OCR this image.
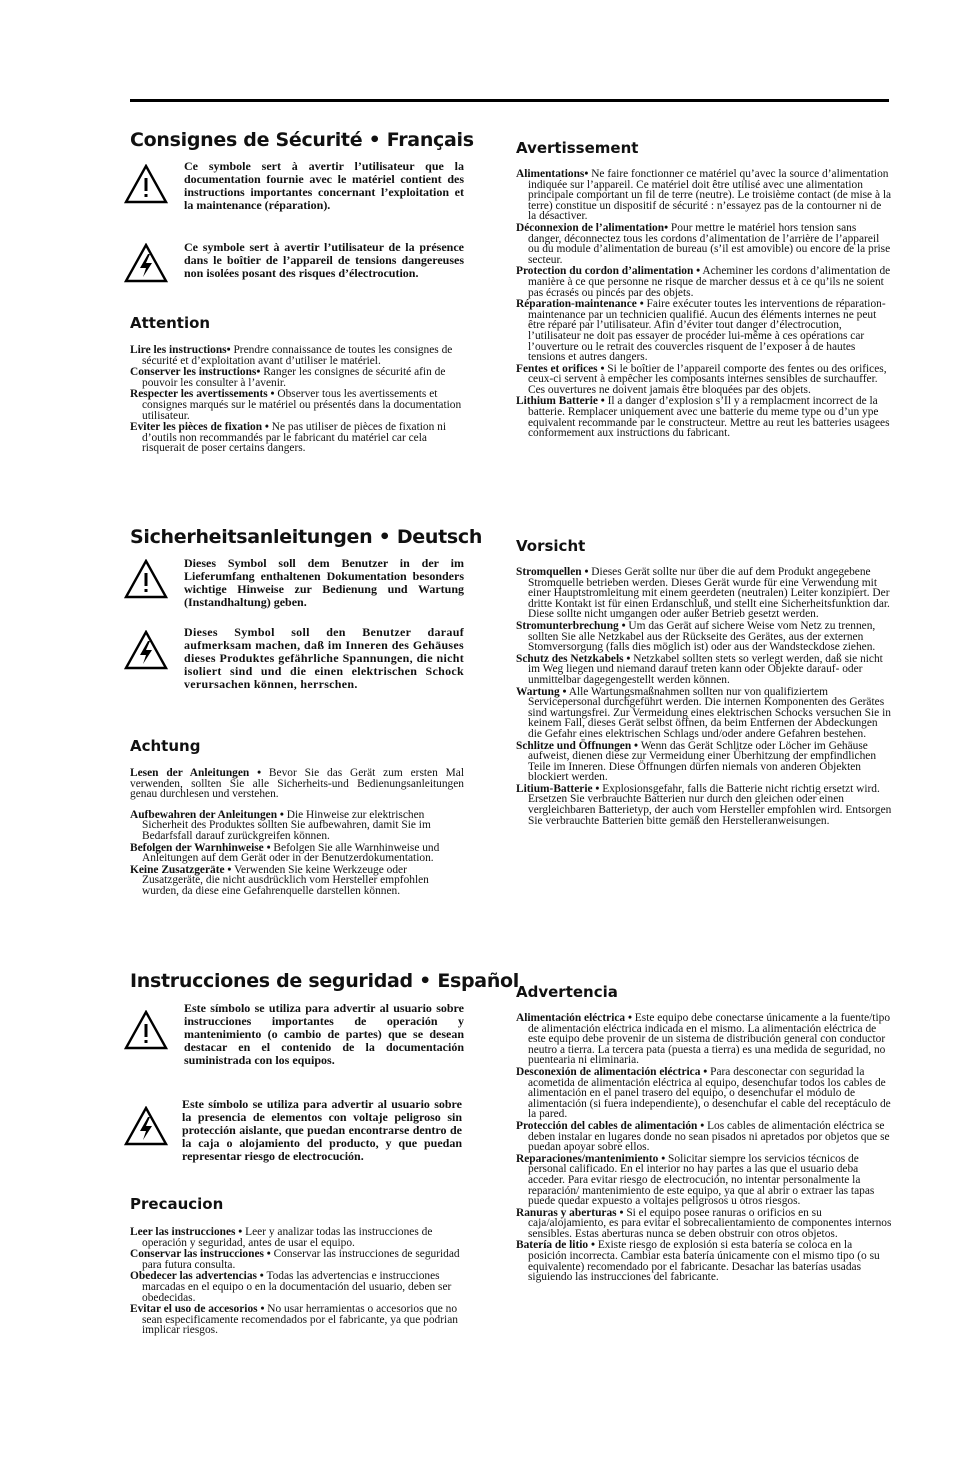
Consignes de Sécurité • Français

Ce symbole sert à avertir l’utilisateur que la documentation fournie avec le matériel contient des instructions importantes concernant l’exploitation et la maintenance (réparation).

Ce symbole sert à avertir l’utilisateur de la présence dans le boîtier de l’appareil de tensions dangereuses non isolées posant des risques d’électrocution.

Attention
Lire les instructions• Prendre connaissance de toutes les consignes de sécurité et d’exploitation avant d’utiliser le matériel.
Conserver les instructions• Ranger les consignes de sécurité afin de pouvoir les consulter à l’avenir.
Respecter les avertissements • Observer tous les avertissements et consignes marqués sur le matériel ou présentés dans la documentation utilisateur.
Eviter les pièces de fixation • Ne pas utiliser de pièces de fixation ni d’outils non recommandés par le fabricant du matériel car cela risquerait de poser certains dangers.
Sicherheitsanleitungen • Deutsch

Dieses Symbol soll dem Benutzer in der im Lieferumfang enthaltenen Dokumentation besonders wichtige Hinweise zur Bedienung und Wartung (Instandhaltung) geben.

Dieses Symbol soll den Benutzer darauf aufmerksam machen, daß im Inneren des Gehäuses dieses Produktes gefährliche Spannungen, die nicht isoliert sind und die einen elektrischen Schock verursachen können, herrschen.

Achtung
Lesen der Anleitungen • Bevor Sie das Gerät zum ersten Mal verwenden, sollten Sie alle Sicherheits-und Bedienungsanleitungen genau durchlesen und verstehen.
Aufbewahren der Anleitungen • Die Hinweise zur elektrischen Sicherheit des Produktes sollten Sie aufbewahren, damit Sie im Bedarfsfall darauf zurückgreifen können.
Befolgen der Warnhinweise • Befolgen Sie alle Warnhinweise und Anleitungen auf dem Gerät oder in der Benutzerdokumentation.
Keine Zusatzgeräte • Verwenden Sie keine Werkzeuge oder Zusatzgeräte, die nicht ausdrücklich vom Hersteller empfohlen wurden, da diese eine Gefahrenquelle darstellen können.
Instrucciones de seguridad • Español

Este símbolo se utiliza para advertir al usuario sobre instrucciones importantes de operación y mantenimiento (o cambio de partes) que se desean destacar en el contenido de la documentación suministrada con los equipos.

Este símbolo se utiliza para advertir al usuario sobre la presencia de elementos con voltaje peligroso sin protección aislante, que puedan encontrarse dentro de la caja o alojamiento del producto, y que puedan representar riesgo de electrocución.

Precaucion
Leer las instrucciones • Leer y analizar todas las instrucciones de operación y seguridad, antes de usar el equipo.
Conservar las instrucciones • Conservar las instrucciones de seguridad para futura consulta.
Obedecer las advertencias • Todas las advertencias e instrucciones marcadas en el equipo o en la documentación del usuario, deben ser obedecidas.
Evitar el uso de accesorios • No usar herramientas o accesorios que no sean especificamente recomendados por el fabricante, ya que podrian implicar riesgos.
Avertissement
Alimentations• Ne faire fonctionner ce matériel qu’avec la source d’alimentation indiquée sur l’appareil. Ce matériel doit être utilisé avec une alimentation principale comportant un fil de terre (neutre). Le troisième contact (de mise à la terre) constitue un dispositif de sécurité : n’essayez pas de la contourner ni de la désactiver.
Déconnexion de l’alimentation• Pour mettre le matériel hors tension sans danger, déconnectez tous les cordons d’alimentation de l’arrière de l’appareil ou du module d’alimentation de bureau (s’il est amovible) ou encore de la prise secteur.
Protection du cordon d’alimentation • Acheminer les cordons d’alimentation de manière à ce que personne ne risque de marcher dessus et à ce qu’ils ne soient pas écrasés ou pincés par des objets.
Réparation-maintenance • Faire exécuter toutes les interventions de réparation-maintenance par un technicien qualifié. Aucun des éléments internes ne peut être réparé par l’utilisateur. Afin d’éviter tout danger d’électrocution, l’utilisateur ne doit pas essayer de procéder lui-même à ces opérations car l’ouverture ou le retrait des couvercles risquent de l’exposer à de hautes tensions et autres dangers.
Fentes et orifices • Si le boîtier de l’appareil comporte des fentes ou des orifices, ceux-ci servent à empêcher les composants internes sensibles de surchauffer. Ces ouvertures ne doivent jamais être bloquées par des objets.
Lithium Batterie • Il a danger d’explosion s’Il y a remplacment incorrect de la batterie. Remplacer uniquement avec une batterie du meme type ou d’un ype equivalent recommande par le constructeur. Mettre au reut les batteries usagees conformement aux instructions du fabricant.
Vorsicht
Stromquellen • Dieses Gerät sollte nur über die auf dem Produkt angegebene Stromquelle betrieben werden. Dieses Gerät wurde für eine Verwendung mit einer Hauptstromleitung mit einem geerdeten (neutralen) Leiter konzipiert. Der dritte Kontakt ist für einen Erdanschluß, und stellt eine Sicherheitsfunktion dar. Diese sollte nicht umgangen oder außer Betrieb gesetzt werden.
Stromunterbrechung • Um das Gerät auf sichere Weise vom Netz zu trennen, sollten Sie alle Netzkabel aus der Rückseite des Gerätes, aus der externen Stomversorgung (falls dies möglich ist) oder aus der Wandsteckdose ziehen.
Schutz des Netzkabels • Netzkabel sollten stets so verlegt werden, daß sie nicht im Weg liegen und niemand darauf treten kann oder Objekte darauf- oder unmittelbar dagegengestellt werden können.
Wartung • Alle Wartungsmaßnahmen sollten nur von qualifiziertem Servicepersonal durchgeführt werden. Die internen Komponenten des Gerätes sind wartungsfrei. Zur Vermeidung eines elektrischen Schocks versuchen Sie in keinem Fall, dieses Gerät selbst öffnen, da beim Entfernen der Abdeckungen die Gefahr eines elektrischen Schlags und/oder andere Gefahren bestehen.
Schlitze und Öffnungen • Wenn das Gerät Schlitze oder Löcher im Gehäuse aufweist, dienen diese zur Vermeidung einer Überhitzung der empfindlichen Teile im Inneren. Diese Öffnungen dürfen niemals von anderen Objekten blockiert werden.
Litium-Batterie • Explosionsgefahr, falls die Batterie nicht richtig ersetzt wird. Ersetzen Sie verbrauchte Batterien nur durch den gleichen oder einen vergleichbaren Batterietyp, der auch vom Hersteller empfohlen wird. Entsorgen Sie verbrauchte Batterien bitte gemäß den Herstelleranweisungen.
Advertencia
Alimentación eléctrica • Este equipo debe conectarse únicamente a la fuente/tipo de alimentación eléctrica indicada en el mismo. La alimentación eléctrica de este equipo debe provenir de un sistema de distribución general con conductor neutro a tierra. La tercera pata (puesta a tierra) es una medida de seguridad, no puentearia ni eliminaria.
Desconexión de alimentación eléctrica • Para desconectar con seguridad la acometida de alimentación eléctrica al equipo, desenchufar todos los cables de alimentación en el panel trasero del equipo, o desenchufar el módulo de alimentación (si fuera independiente), o desenchufar el cable del receptáculo de la pared.
Protección del cables de alimentación • Los cables de alimentación eléctrica se deben instalar en lugares donde no sean pisados ni apretados por objetos que se puedan apoyar sobre ellos.
Reparaciones/mantenimiento • Solicitar siempre los servicios técnicos de personal calificado. En el interior no hay partes a las que el usuario deba acceder. Para evitar riesgo de electrocución, no intentar personalmente la reparación/ mantenimiento de este equipo, ya que al abrir o extraer las tapas puede quedar expuesto a voltajes peligrosos u otros riesgos.
Ranuras y aberturas • Si el equipo posee ranuras o orificios en su caja/alojamiento, es para evitar el sobrecalientamiento de componentes internos sensibles. Estas aberturas nunca se deben obstruir con otros objetos.
Batería de litio • Existe riesgo de explosión si esta batería se coloca en la posición incorrecta. Cambiar esta batería únicamente con el mismo tipo (o su equivalente) recomendado por el fabricante. Desachar las baterías usadas siguiendo las instrucciones del fabricante.
